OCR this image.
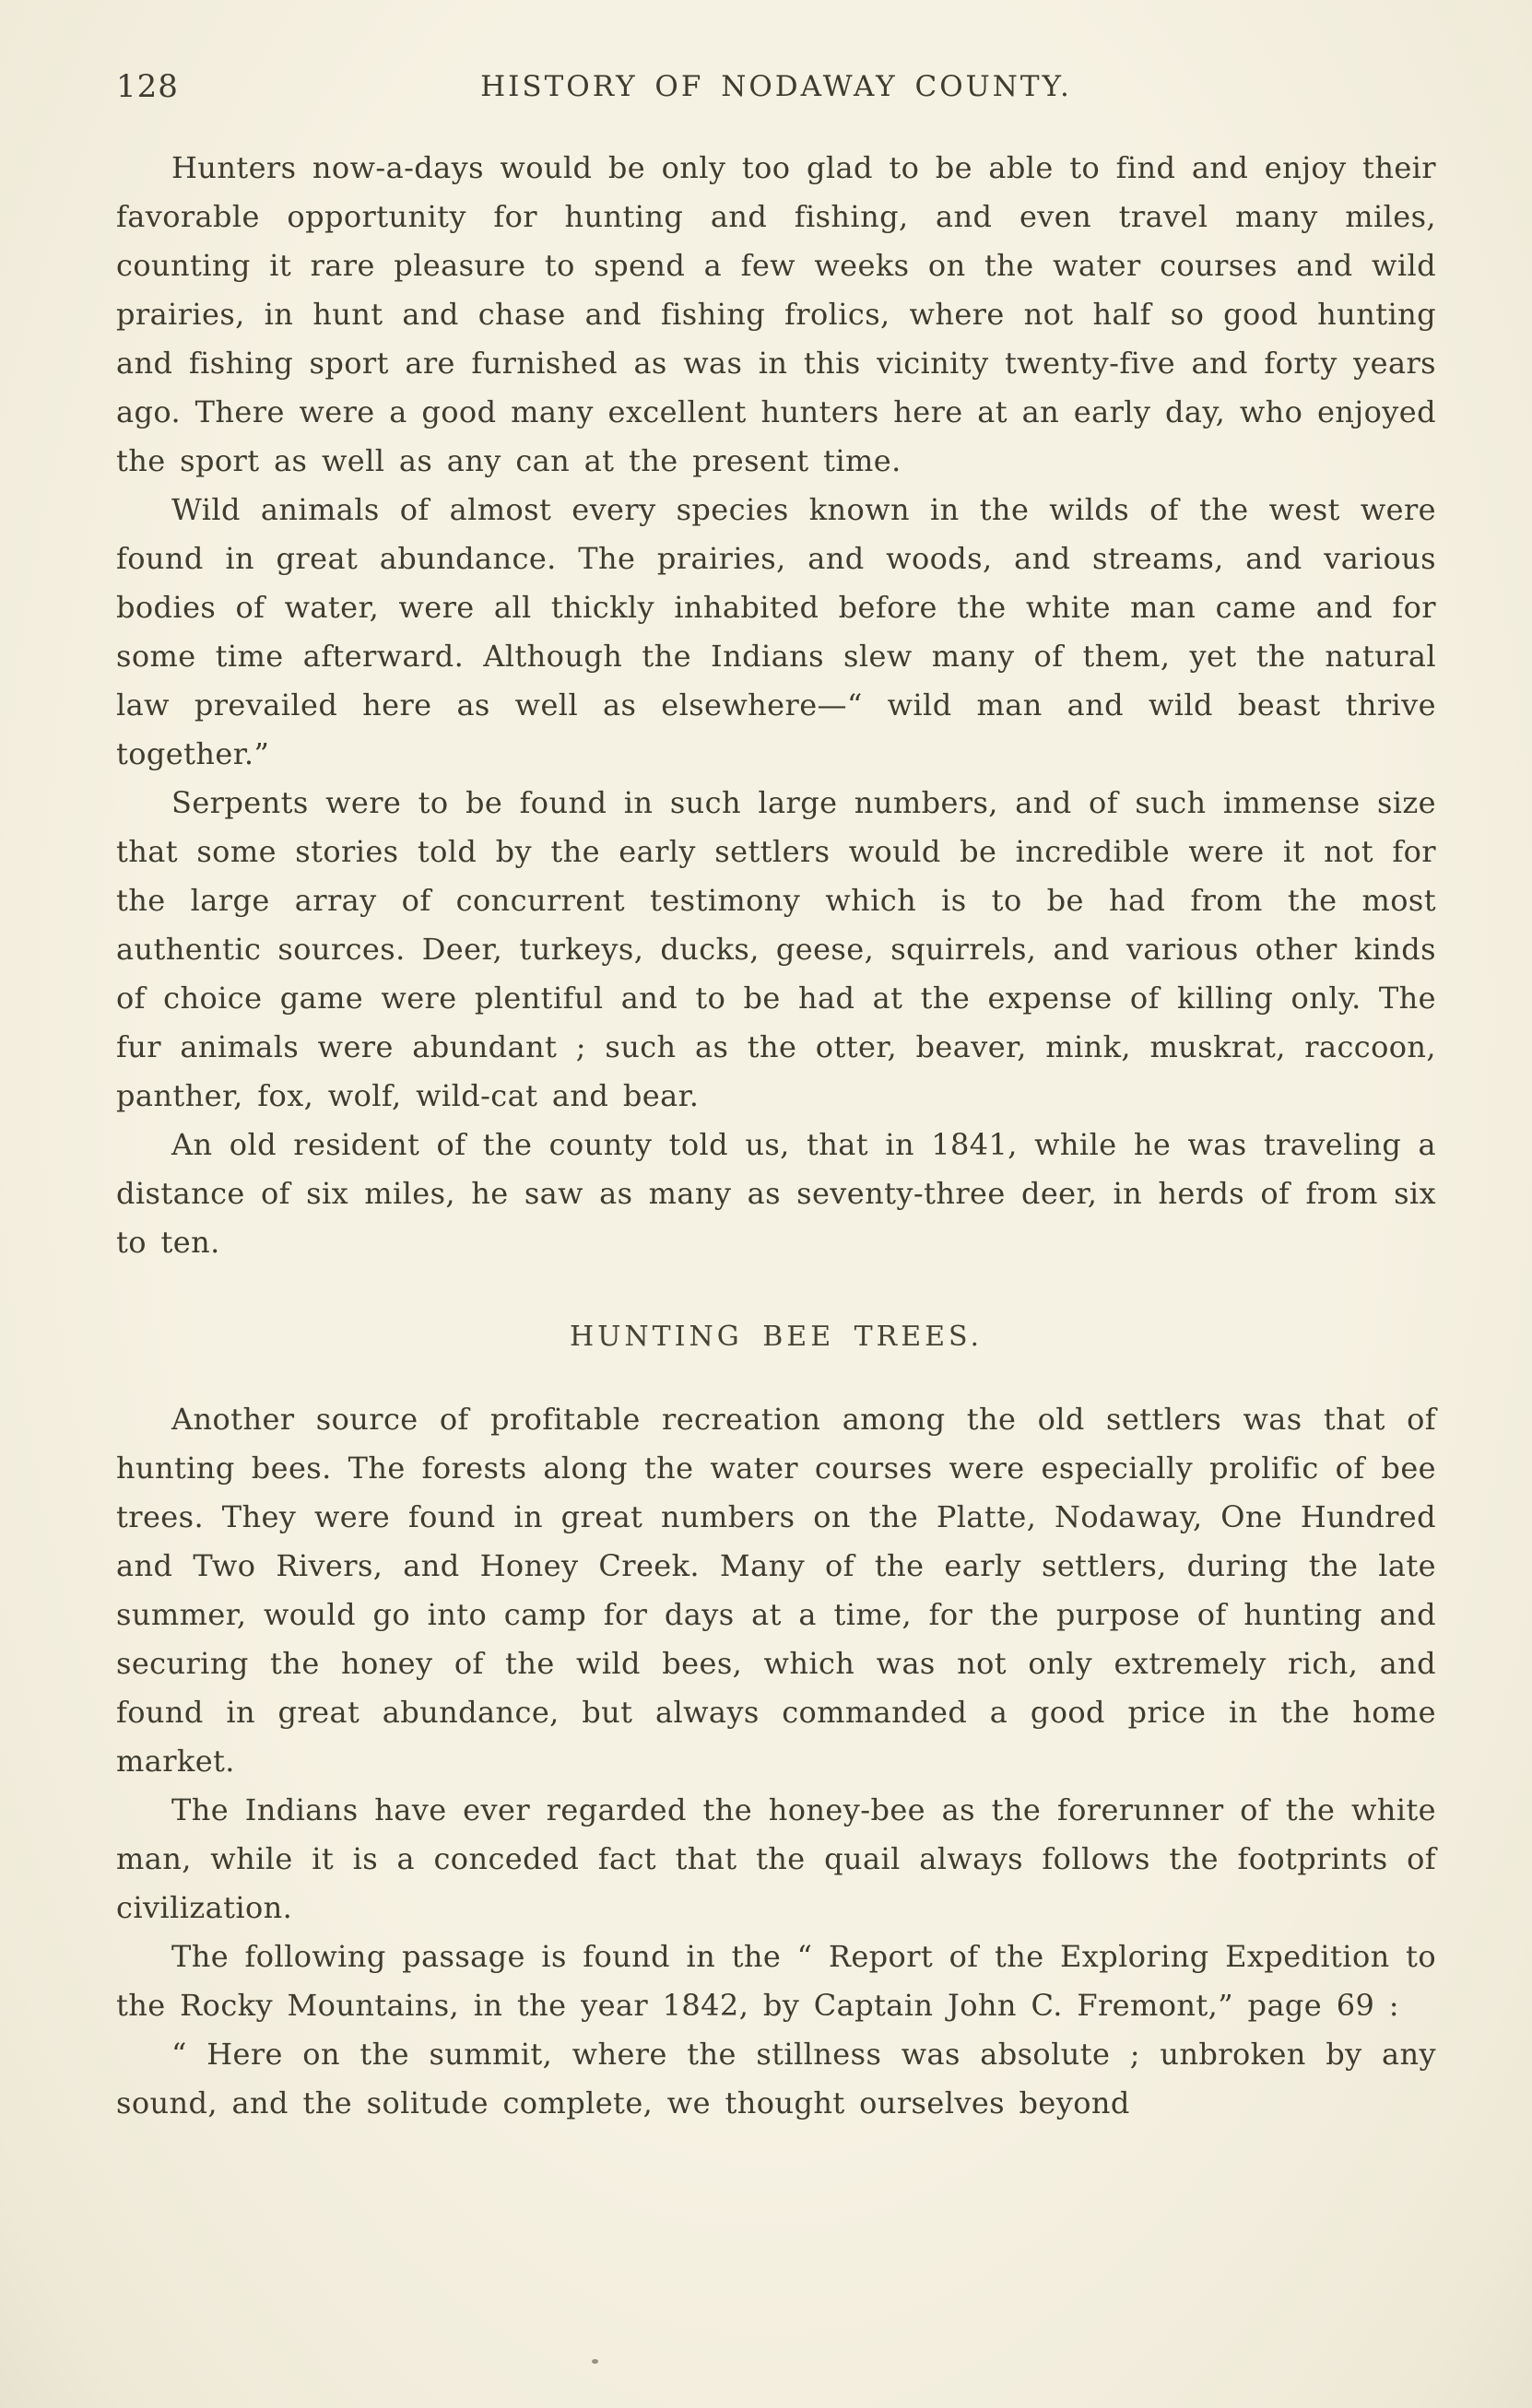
128	HISTORY OF NODAWAY COUNTY.

Hunters now-a-days would be only too glad to be able to find and enjoy their favorable opportunity for hunting and fishing, and even travel many miles, counting it rare pleasure to spend a few weeks on the water courses and wild prairies, in hunt and chase and fishing frolics, where not half so good hunting and fishing sport are furnished as was in this vicinity twenty-five and forty years ago. There were a good many excellent hunters here at an early day, who enjoyed the sport as well as any can at the present time.

Wild animals of almost every species known in the wilds of the west were found in great abundance. The prairies, and woods, and streams, and various bodies of water, were all thickly inhabited before the white man came and for some time afterward. Although the Indians slew many of them, yet the natural law prevailed here as well as elsewhere—“ wild man and wild beast thrive together.”

Serpents were to be found in such large numbers, and of such immense size that some stories told by the early settlers would be incredible were it not for the large array of concurrent testimony which is to be had from the most authentic sources. Deer, turkeys, ducks, geese, squirrels, and various other kinds of choice game were plentiful and to be had at the expense of killing only. The fur animals were abundant ; such as the otter, beaver, mink, muskrat, raccoon, panther, fox, wolf, wild-cat and bear.

An old resident of the county told us, that in 1841, while he was traveling a distance of six miles, he saw as many as seventy-three deer, in herds of from six to ten.

HUNTING BEE TREES.

Another source of profitable recreation among the old settlers was that of hunting bees. The forests along the water courses were especially prolific of bee trees. They were found in great numbers on the Platte, Nodaway, One Hundred and Two Rivers, and Honey Creek. Many of the early settlers, during the late summer, would go into camp for days at a time, for the purpose of hunting and securing the honey of the wild bees, which was not only extremely rich, and found in great abundance, but always commanded a good price in the home market.

The Indians have ever regarded the honey-bee as the forerunner of the white man, while it is a conceded fact that the quail always follows the footprints of civilization.

The following passage is found in the “ Report of the Exploring Expedition to the Rocky Mountains, in the year 1842, by Captain John C. Fremont,” page 69 :

“ Here on the summit, where the stillness was absolute ; unbroken by any sound, and the solitude complete, we thought ourselves beyond
